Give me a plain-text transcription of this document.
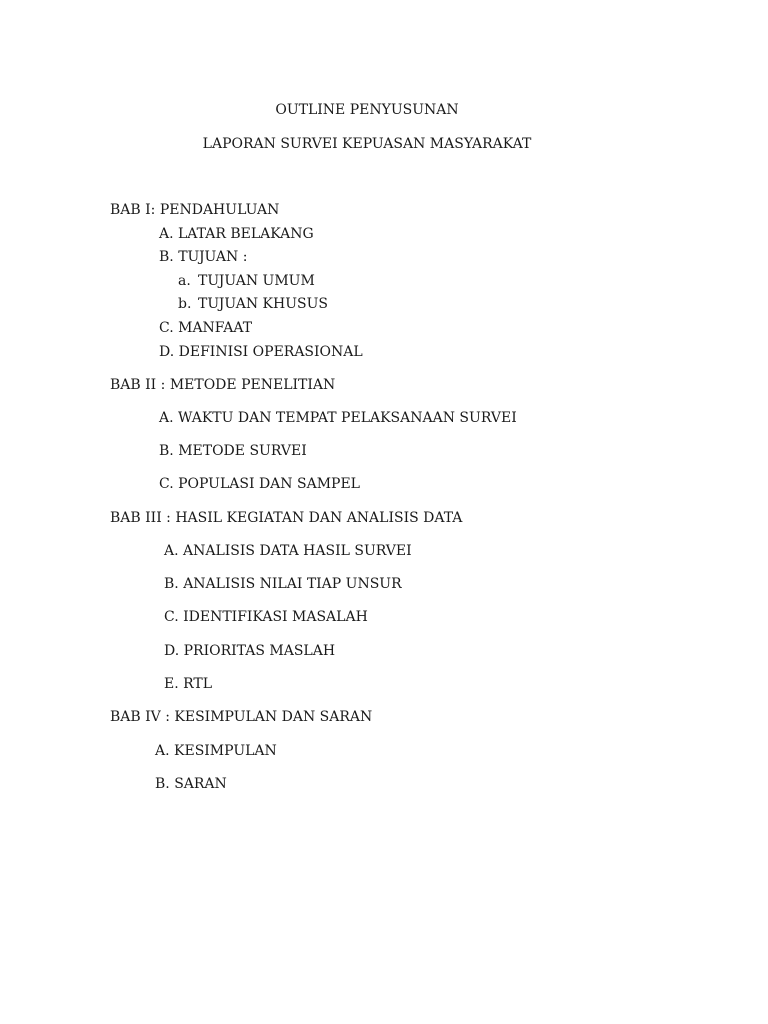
OUTLINE PENYUSUNAN
LAPORAN SURVEI KEPUASAN MASYARAKAT
BAB I: PENDAHULUAN
A. LATAR BELAKANG
B. TUJUAN :
a. TUJUAN UMUM
b. TUJUAN KHUSUS
C. MANFAAT
D. DEFINISI OPERASIONAL
BAB II : METODE PENELITIAN
A. WAKTU DAN TEMPAT PELAKSANAAN SURVEI
B. METODE SURVEI
C. POPULASI DAN SAMPEL
BAB III : HASIL KEGIATAN DAN ANALISIS DATA
A. ANALISIS DATA HASIL SURVEI
B. ANALISIS NILAI TIAP UNSUR
C. IDENTIFIKASI MASALAH
D. PRIORITAS MASLAH
E. RTL
BAB IV : KESIMPULAN DAN SARAN
A. KESIMPULAN
B. SARAN
